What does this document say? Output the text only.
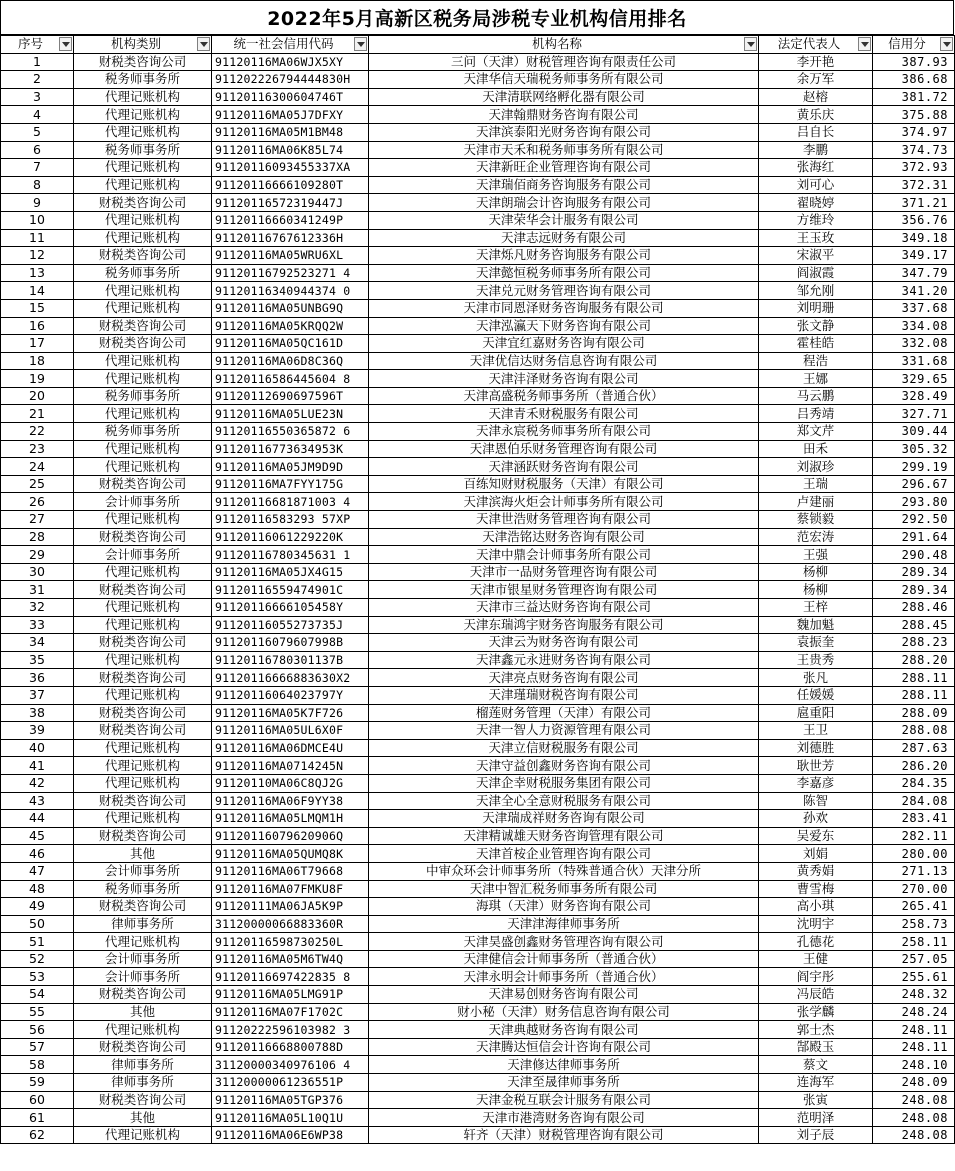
2022年5月高新区税务局涉税专业机构信用排名
序号	机构类别	统一社会信用代码	机构名称	法定代表人	信用分

1	财税类咨询公司	91120116MA06WJX5XY	三问（天津）财税管理咨询有限责任公司	李开艳	387.93
2	税务师事务所	911202226794444830H	天津华信天瑞税务师事务所有限公司	余万军	386.68
3	代理记账机构	91120116300604746T	天津清联网络孵化器有限公司	赵榕	381.72
4	代理记账机构	91120116MA05J7DFXY	天津翰鼎财务咨询有限公司	黄乐庆	375.88
5	代理记账机构	91120116MA05M1BM48	天津滨泰阳光财务咨询有限公司	吕自长	374.97
6	税务师事务所	91120116MA06K85L74	天津市天禾和税务师事务所有限公司	李鹏	374.73
7	代理记账机构	91120116093455337XA	天津新旺企业管理咨询有限公司	张海红	372.93
8	代理记账机构	91120116666109280T	天津瑞佰商务咨询服务有限公司	刘可心	372.31
9	财税类咨询公司	91120116572319447J	天津朗瑞会计咨询服务有限公司	翟晓婷	371.21
10	代理记账机构	91120116660341249P	天津荣华会计服务有限公司	方维玲	356.76
11	代理记账机构	91120116767612336H	天津志远财务有限公司	王玉玫	349.18
12	财税类咨询公司	91120116MA05WRU6XL	天津烁凡财务咨询服务有限公司	宋淑平	349.17
13	税务师事务所	91120116792523271 4	天津懿恒税务师事务所有限公司	阎淑霞	347.79
14	代理记账机构	91120116340944374 0	天津兑元财务管理咨询有限公司	邹允刚	341.20
15	代理记账机构	91120116MA05UNBG9Q	天津市同恩泽财务咨询服务有限公司	刘明珊	337.68
16	财税类咨询公司	91120116MA05KRQQ2W	天津泓瀛天下财务咨询有限公司	张文静	334.08
17	财税类咨询公司	91120116MA05QC161D	天津宜红嘉财务咨询有限公司	霍桂皓	332.08
18	代理记账机构	91120116MA06D8C36Q	天津优信达财务信息咨询有限公司	程浩	331.68
19	代理记账机构	91120116586445604 8	天津沣泽财务咨询有限公司	王娜	329.65
20	税务师事务所	91120112690697596T	天津高盛税务师事务所（普通合伙）	马云鹏	328.49
21	代理记账机构	91120116MA05LUE23N	天津青禾财税服务有限公司	吕秀靖	327.71
22	税务师事务所	91120116550365872 6	天津永宸税务师事务所有限公司	郑文芹	309.44
23	代理记账机构	91120116773634953K	天津恩伯乐财务管理咨询有限公司	田禾	305.32
24	代理记账机构	91120116MA05JM9D9D	天津涵跃财务咨询有限公司	刘淑珍	299.19
25	财税类咨询公司	91120116MA7FYY175G	百练知财财税服务（天津）有限公司	王瑞	296.67
26	会计师事务所	91120116681871003 4	天津滨海火炬会计师事务所有限公司	卢建丽	293.80
27	代理记账机构	91120116583293 57XP	天津世浩财务管理咨询有限公司	蔡锁毅	292.50
28	财税类咨询公司	91120116061229220K	天津浩铭达财务咨询有限公司	范宏涛	291.64
29	会计师事务所	91120116780345631 1	天津中鼎会计师事务所有限公司	王强	290.48
30	代理记账机构	91120116MA05JX4G15	天津市一品财务管理咨询有限公司	杨柳	289.34
31	财税类咨询公司	91120116559474901C	天津市银星财务管理咨询有限公司	杨柳	289.34
32	代理记账机构	91120116666105458Y	天津市三益达财务咨询有限公司	王梓	288.46
33	代理记账机构	91120116055273735J	天津东瑞鸿宇财务咨询服务有限公司	魏加魁	288.45
34	财税类咨询公司	91120116079607998B	天津云为财务咨询有限公司	袁振奎	288.23
35	代理记账机构	91120116780301137B	天津鑫元永进财务咨询有限公司	王贵秀	288.20
36	财税类咨询公司	91120116666883630X2	天津亮点财务咨询有限公司	张凡	288.11
37	代理记账机构	91120116064023797Y	天津瑾瑞财税咨询有限公司	任媛媛	288.11
38	财税类咨询公司	91120116MA05K7F726	榴莲财务管理（天津）有限公司	扈重阳	288.09
39	财税类咨询公司	91120116MA05UL6X0F	天津一智人力资源管理有限公司	王卫	288.08
40	代理记账机构	91120116MA06DMCE4U	天津立信财税服务有限公司	刘德胜	287.63
41	代理记账机构	91120116MA0714245N	天津守益创鑫财务咨询有限公司	耿世芳	286.20
42	代理记账机构	91120110MA06C8QJ2G	天津企幸财税服务集团有限公司	李嘉彦	284.35
43	财税类咨询公司	91120116MA06F9YY38	天津全心全意财税服务有限公司	陈智	284.08
44	代理记账机构	91120116MA05LMQM1H	天津瑞成祥财务咨询有限公司	孙欢	283.41
45	财税类咨询公司	91120116079620906Q	天津精诚雄天财务咨询管理有限公司	吴爱东	282.11
46	其他	91120116MA05QUMQ8K	天津首桉企业管理咨询有限公司	刘娟	280.00
47	会计师事务所	91120116MA06T79668	中审众环会计师事务所（特殊普通合伙）天津分所	黄秀娟	271.13
48	税务师事务所	91120116MA07FMKU8F	天津中智汇税务师事务所有限公司	曹雪梅	270.00
49	财税类咨询公司	91120111MA06JA5K9P	海琪（天津）财务咨询有限公司	高小琪	265.41
50	律师事务所	31120000066883360R	天津津海律师事务所	沈明宇	258.73
51	代理记账机构	91120116598730250L	天津昊盛创鑫财务管理咨询有限公司	孔德花	258.11
52	会计师事务所	91120116MA05M6TW4Q	天津健信会计师事务所（普通合伙）	王健	257.05
53	会计师事务所	91120116697422835 8	天津永明会计师事务所（普通合伙）	阎宇彤	255.61
54	财税类咨询公司	91120116MA05LMG91P	天津易创财务咨询有限公司	冯辰皓	248.32
55	其他	91120116MA07F1702C	财小秘（天津）财务信息咨询有限公司	张学麟	248.24
56	代理记账机构	91120222596103982 3	天津典越财务咨询有限公司	郭士杰	248.11
57	财税类咨询公司	91120116668800788D	天津腾达恒信会计咨询有限公司	郜殿玉	248.11
58	律师事务所	31120000340976106 4	天津修达律师事务所	蔡文	248.10
59	律师事务所	31120000061236551P	天津至晟律师事务所	连海军	248.09
60	财税类咨询公司	91120116MA05TGP376	天津金税互联会计服务有限公司	张寅	248.08
61	其他	91120116MA05L10Q1U	天津市港湾财务咨询有限公司	范明泽	248.08
62	代理记账机构	91120116MA06E6WP38	轩齐（天津）财税管理咨询有限公司	刘子辰	248.08
